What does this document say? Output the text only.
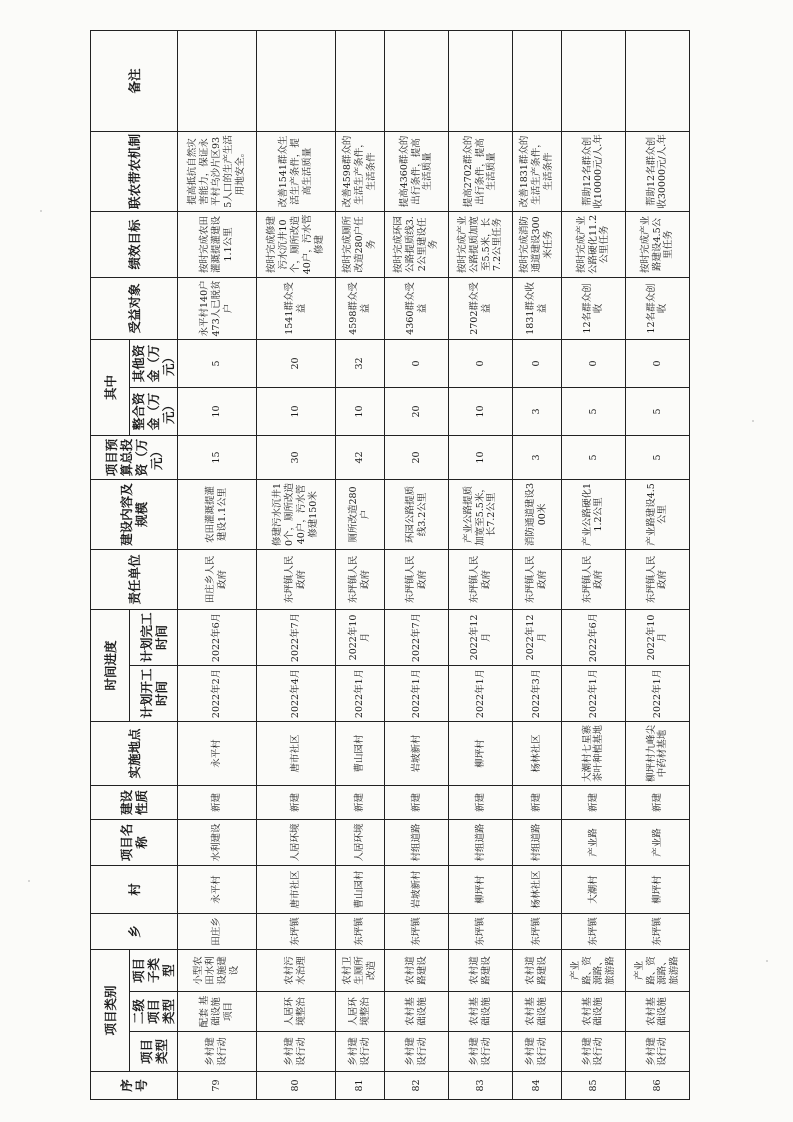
序号	项目类别			乡	村	项目名称	建设性质	实施地点	时间进度		责任单位	建设内容及规模	项目预算总投资（万元）	其中		受益对象	绩效目标	联农带农机制	备注
	项目类型	二级项目类型	项目子类型						计划开工时间	计划完工时间				整合资金（万元）	其他资金（万元）				
79	乡村建设行动	配套 基础设施 项目	小型农田水利设施建设	田庄乡	永平村	水利建设	新建	永平村	2022年2月	2022年6月	田庄乡人民政府	农田灌溉提灌建设1.1公里	15	10	5	永平村140户473人已脱贫户	按时完成农田灌溉提灌建设1.1公里	提高抵抗自然灾害能力，保证永平村乌沙片区935人口的生产生活用地安全。	
80	乡村建设行动	人居环境整治	农村污水治理	东坪镇	唐市社区	人居环境	新建	唐市社区	2022年4月	2022年7月	东坪镇人民政府	修建污水沉井10个，厕所改造40户，污水管修建150米	30	10	20	1541群众受益	按时完成修建污水沉井10个，厕所改造40户，污水管修建	改善1541群众生活生产条件，提高生活质量	
81	乡村建设行动	人居环境整治	农村卫生厕所改造	东坪镇	曹山园村	人居环境	新建	曹山园村	2022年1月	2022年10月	东坪镇人民政府	厕所改造280户	42	10	32	4598群众受益	按时完成厕所改造280户任务	改善4598群众的生活生产条件，生活条件	
82	乡村建设行动	农村基础设施	农村道路建设	东坪镇	岩坡新村	村组道路	新建	岩坡新村	2022年1月	2022年7月	东坪镇人民政府	环园公路提质线3.2公里	20	20	0	4360群众受益	按时完成环园公路提质线3.2公里建设任务	提高4360群众的出行条件，提高生活质量	
83	乡村建设行动	农村基础设施	农村道路建设	东坪镇	柳坪村	村组道路	新建	柳坪村	2022年1月	2022年12月	东坪镇人民政府	产业公路提质加宽至5.5米，长7.2公里	10	10	0	2702群众受益	按时完成产业公路提质加宽至5.5米，长7.2公里任务	提高2702群众的出行条件，提高生活质量	
84	乡村建设行动	农村基础设施	农村道路建设	东坪镇	杨林社区	村组道路	新建	杨林社区	2022年3月	2022年12月	东坪镇人民政府	消防通道建设300米	3	3	0	1831群众收益	按时完成消防通道建设300米任务	改善1831群众的生活生产条件，生活条件	
85	乡村建设行动	农村基础设施	产业路、资源路、旅游路	东坪镇	大潮村	产业路	新建	大潮村七星寨茶叶种植基地	2022年1月	2022年6月	东坪镇人民政府	产业公路硬化11.2公里	5	5	0	12名群众创收	按时完成产业公路硬化11.2公里任务	帮助12名群众创收10000元/人.年	
86	乡村建设行动	农村基础设施	产业路、资源路、旅游路	东坪镇	柳坪村	产业路	新建	柳坪村九峰尖中药材基地	2022年1月	2022年10月	东坪镇人民政府	产业路建设4.5公里	5	5	0	12名群众创收	按时完成产业路建设4.5公里任务	帮助12名群众创收30000元/人.年	
